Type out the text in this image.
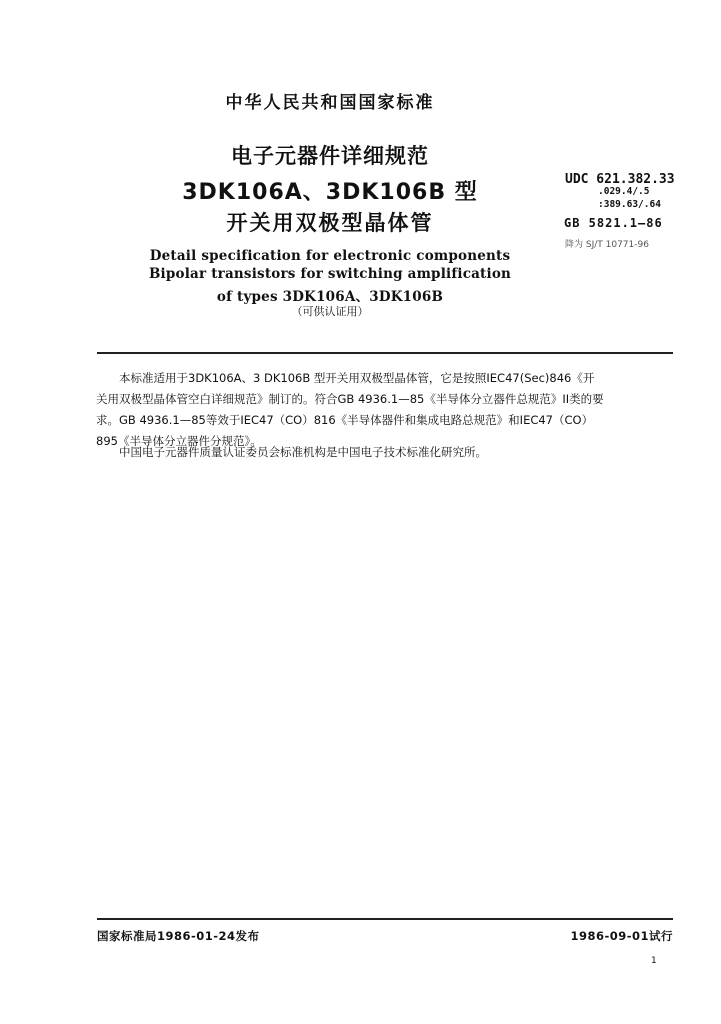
中华人民共和国国家标准
电子元器件详细规范
3DK106A、3DK106B 型
开关用双极型晶体管
Detail specification for electronic components
Bipolar transistors for switching amplification
of types 3DK106A、3DK106B
（可供认证用）
UDC 621.382.33
.029.4/.5
:389.63/.64
GB 5821.1—86
降为 SJ/T 10771-96
本标准适用于3DK106A、3 DK106B 型开关用双极型晶体管，它是按照IEC47(Sec)846《开
关用双极型晶体管空白详细规范》制订的。符合GB 4936.1—85《半导体分立器件总规范》II类的要
求。GB 4936.1—85等效于IEC47（CO）816《半导体器件和集成电路总规范》和IEC47（CO）
895《半导体分立器件分规范》。
中国电子元器件质量认证委员会标准机构是中国电子技术标准化研究所。
国家标准局1986-01-24发布	1986-09-01试行
1
